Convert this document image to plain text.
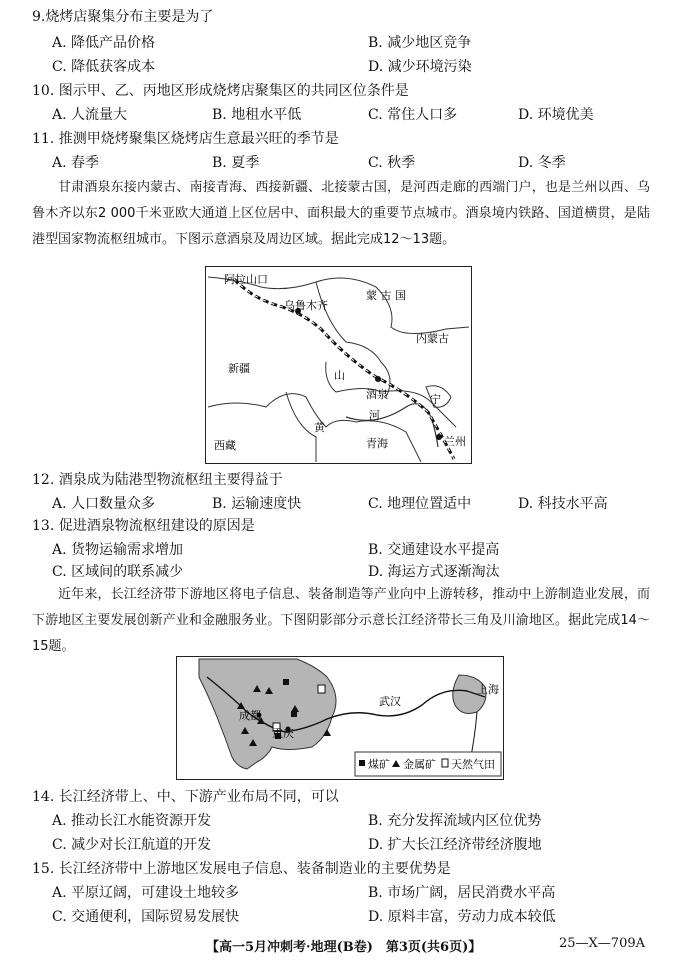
9.烧烤店聚集分布主要是为了
A. 降低产品价格	B. 减少地区竞争
C. 降低获客成本	D. 减少环境污染
10. 图示甲、乙、丙地区形成烧烤店聚集区的共同区位条件是
A. 人流量大	B. 地租水平低	C. 常住人口多	D. 环境优美
11. 推测甲烧烤聚集区烧烤店生意最兴旺的季节是
A. 春季	B. 夏季	C. 秋季	D. 冬季
甘肃酒泉东接内蒙古、南接青海、西接新疆、北接蒙古国，是河西走廊的西端门户，也是兰州以西、乌鲁木齐以东2 000千米亚欧大通道上区位居中、面积最大的重要节点城市。酒泉境内铁路、国道横贯，是陆港型国家物流枢纽城市。下图示意酒泉及周边区域。据此完成12～13题。
阿拉山口
乌鲁木齐
蒙 古 国
新疆
内蒙古
山
酒泉	宁
黄
河
青海	兰州
西藏
12. 酒泉成为陆港型物流枢纽主要得益于
A. 人口数量众多	B. 运输速度快	C. 地理位置适中	D. 科技水平高
13. 促进酒泉物流枢纽建设的原因是
A. 货物运输需求增加	B. 交通建设水平提高
C. 区域间的联系减少	D. 海运方式逐渐淘汰
近年来，长江经济带下游地区将电子信息、装备制造等产业向中上游转移，推动中上游制造业发展，而下游地区主要发展创新产业和金融服务业。下图阴影部分示意长江经济带长三角及川渝地区。据此完成14～15题。
成都
重庆
武汉
上海
煤矿 金属矿 天然气田
14. 长江经济带上、中、下游产业布局不同，可以
A. 推动长江水能资源开发	B. 充分发挥流域内区位优势
C. 减少对长江航道的开发	D. 扩大长江经济带经济腹地
15. 长江经济带中上游地区发展电子信息、装备制造业的主要优势是
A. 平原辽阔，可建设土地较多	B. 市场广阔，居民消费水平高
C. 交通便利，国际贸易发展快	D. 原料丰富，劳动力成本较低
【高一5月冲刺考·地理(B卷)　第3页(共6页)】	25—X—709A
